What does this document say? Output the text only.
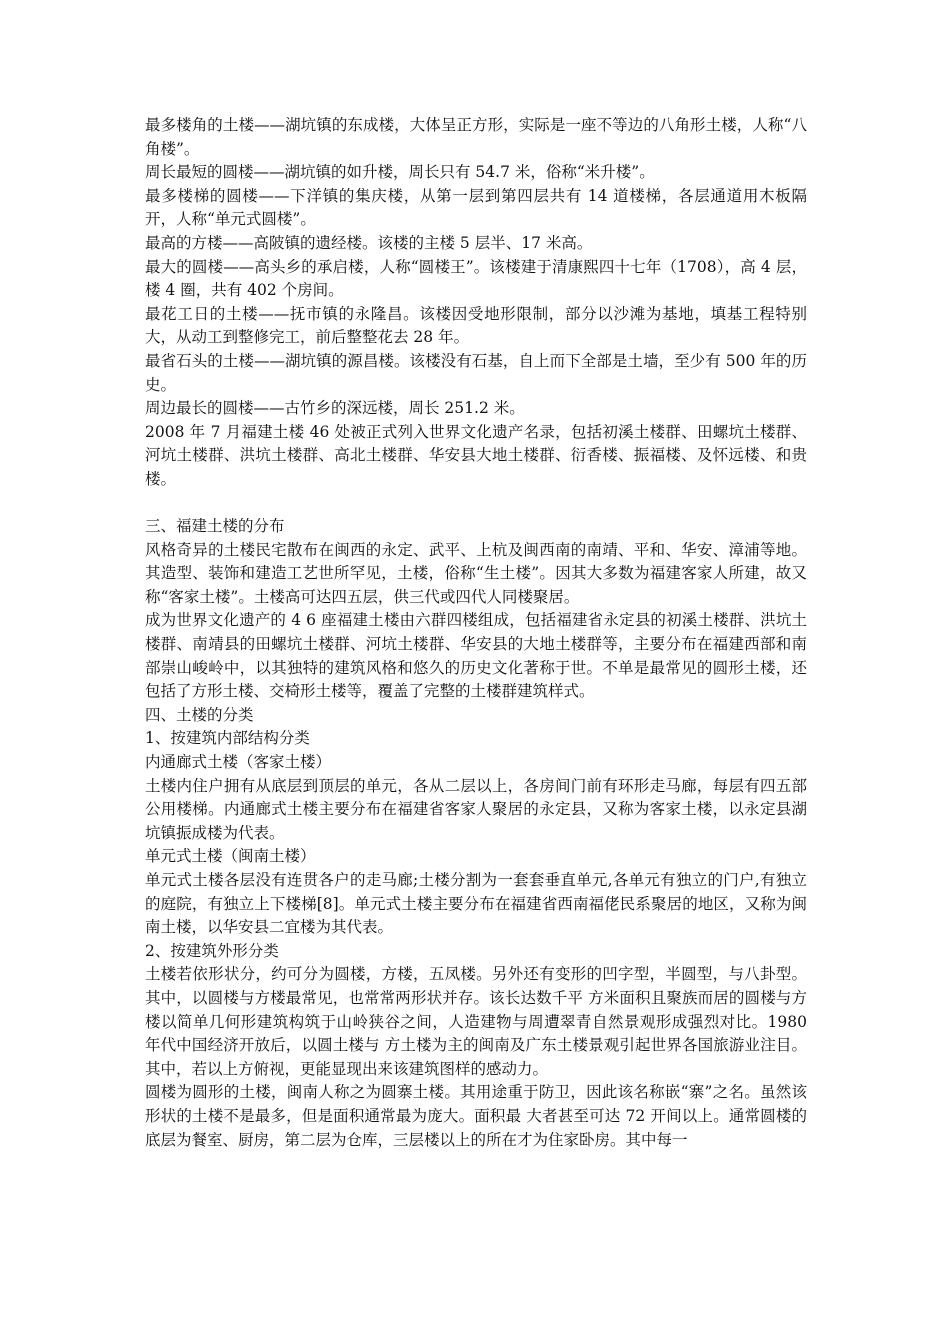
最多楼角的土楼——湖坑镇的东成楼，大体呈正方形，实际是一座不等边的八角形土楼，人称“八角楼”。

周长最短的圆楼——湖坑镇的如升楼，周长只有 54.7 米，俗称“米升楼”。

最多楼梯的圆楼——下洋镇的集庆楼，从第一层到第四层共有 14 道楼梯，各层通道用木板隔开，人称“单元式圆楼”。

最高的方楼——高陂镇的遗经楼。该楼的主楼 5 层半、17 米高。

最大的圆楼——高头乡的承启楼，人称“圆楼王”。该楼建于清康熙四十七年（1708），高 4 层，楼 4 圈，共有 402 个房间。

最花工日的土楼——抚市镇的永隆昌。该楼因受地形限制，部分以沙滩为基地，填基工程特别大，从动工到整修完工，前后整整花去 28 年。

最省石头的土楼——湖坑镇的源昌楼。该楼没有石基，自上而下全部是土墙，至少有 500 年的历史。

周边最长的圆楼——古竹乡的深远楼，周长 251.2 米。

2008 年 7 月福建土楼 46 处被正式列入世界文化遗产名录，包括初溪土楼群、田螺坑土楼群、河坑土楼群、洪坑土楼群、高北土楼群、华安县大地土楼群、衍香楼、振福楼、及怀远楼、和贵楼。

三、福建土楼的分布

风格奇异的土楼民宅散布在闽西的永定、武平、上杭及闽西南的南靖、平和、华安、漳浦等地。其造型、装饰和建造工艺世所罕见，土楼，俗称“生土楼”。因其大多数为福建客家人所建，故又称“客家土楼”。土楼高可达四五层，供三代或四代人同楼聚居。

成为世界文化遗产的 4 6 座福建土楼由六群四楼组成，包括福建省永定县的初溪土楼群、洪坑土楼群、南靖县的田螺坑土楼群、河坑土楼群、华安县的大地土楼群等，主要分布在福建西部和南部崇山峻岭中，以其独特的建筑风格和悠久的历史文化著称于世。不单是最常见的圆形土楼，还包括了方形土楼、交椅形土楼等，覆盖了完整的土楼群建筑样式。

四、土楼的分类

1、按建筑内部结构分类

内通廊式土楼（客家土楼）

土楼内住户拥有从底层到顶层的单元，各从二层以上，各房间门前有环形走马廊，每层有四五部公用楼梯。内通廊式土楼主要分布在福建省客家人聚居的永定县，又称为客家土楼，以永定县湖坑镇振成楼为代表。

单元式土楼（闽南土楼）

单元式土楼各层没有连贯各户的走马廊;土楼分割为一套套垂直单元,各单元有独立的门户,有独立的庭院，有独立上下楼梯[8]。单元式土楼主要分布在福建省西南福佬民系聚居的地区，又称为闽南土楼，以华安县二宜楼为其代表。

2、按建筑外形分类

土楼若依形状分，约可分为圆楼，方楼，五凤楼。另外还有变形的凹字型，半圆型，与八卦型。其中，以圆楼与方楼最常见，也常常两形状并存。该长达数千平 方米面积且聚族而居的圆楼与方楼以简单几何形建筑构筑于山岭狭谷之间，人造建物与周遭翠青自然景观形成强烈对比。1980 年代中国经济开放后，以圆土楼与 方土楼为主的闽南及广东土楼景观引起世界各国旅游业注目。其中，若以上方俯视，更能显现出来该建筑图样的感动力。

圆楼为圆形的土楼，闽南人称之为圆寨土楼。其用途重于防卫，因此该名称嵌“寨”之名。虽然该形状的土楼不是最多，但是面积通常最为庞大。面积最 大者甚至可达 72 开间以上。通常圆楼的底层为餐室、厨房，第二层为仓库，三层楼以上的所在才为住家卧房。其中每一
